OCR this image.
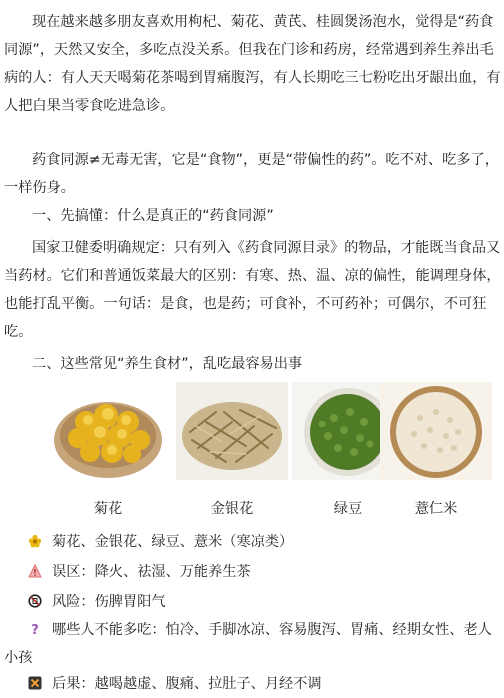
现在越来越多朋友喜欢用枸杞、菊花、黄芪、桂圆煲汤泡水，觉得是“药食同源”，天然又安全，多吃点没关系。但我在门诊和药房，经常遇到养生养出毛病的人：有人天天喝菊花茶喝到胃痛腹泻，有人长期吃三七粉吃出牙龈出血，有人把白果当零食吃进急诊。

药食同源≠无毒无害，它是“食物”，更是“带偏性的药”。吃不对、吃多了，一样伤身。

一、先搞懂：什么是真正的“药食同源”

国家卫健委明确规定：只有列入《药食同源目录》的物品，才能既当食品又当药材。它们和普通饭菜最大的区别：有寒、热、温、凉的偏性，能调理身体，也能打乱平衡。一句话：是食，也是药；可食补，不可药补；可偶尔，不可狂吃。

二、这些常见“养生食材”，乱吃最容易出事

菊花	金银花	绿豆	薏仁米
菊花、金银花、绿豆、薏米（寒凉类）
误区：降火、祛湿、万能养生茶
风险：伤脾胃阳气
? 哪些人不能多吃：怕冷、手脚冰凉、容易腹泻、胃痛、经期女性、老人小孩
后果：越喝越虚、腹痛、拉肚子、月经不调
